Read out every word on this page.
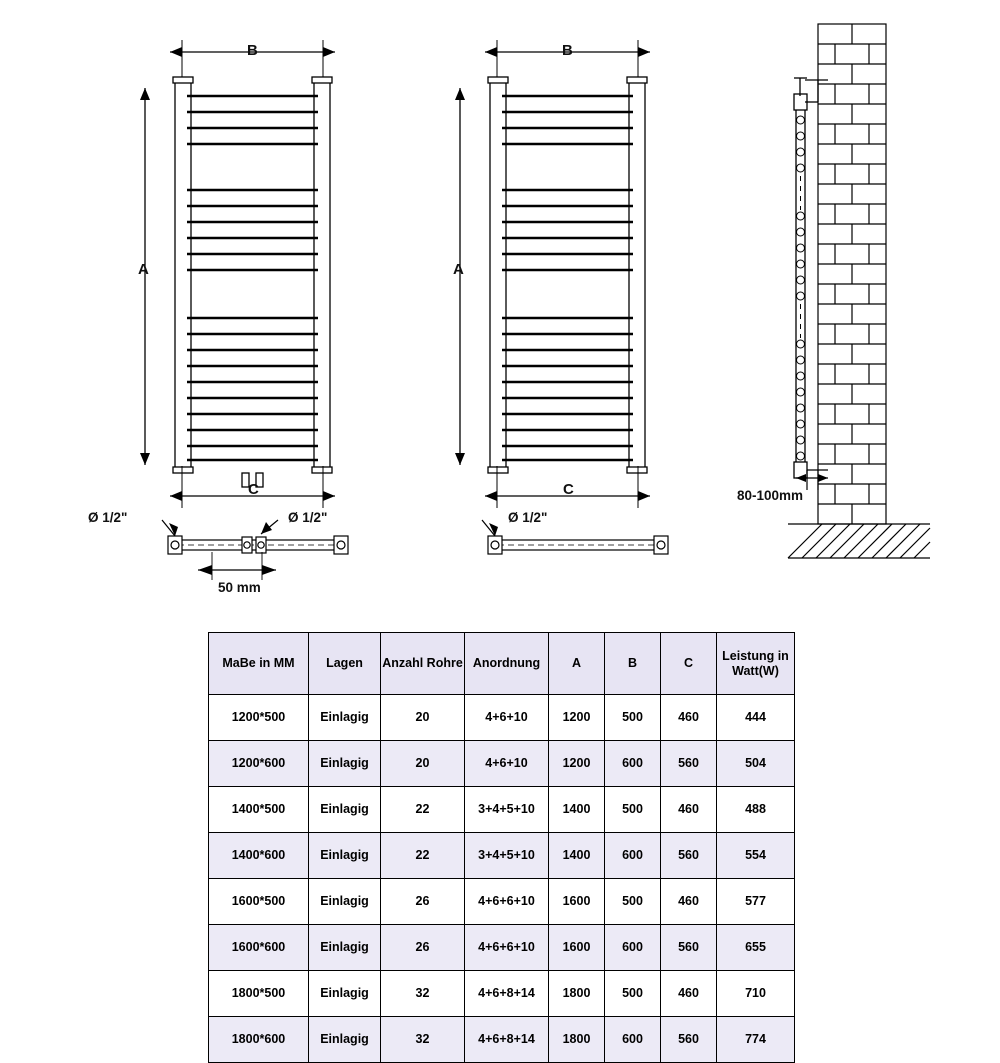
B
A
C
B
A
C	80-100mm
Ø 1/2"	Ø 1/2"
50 mm
Ø 1/2"
MaBe in MM	Lagen	Anzahl Rohre	Anordnung	A	B	C	Leistung in Watt(W)
1200*500	Einlagig	20	4+6+10	1200	500	460	444
1200*600	Einlagig	20	4+6+10	1200	600	560	504
1400*500	Einlagig	22	3+4+5+10	1400	500	460	488
1400*600	Einlagig	22	3+4+5+10	1400	600	560	554
1600*500	Einlagig	26	4+6+6+10	1600	500	460	577
1600*600	Einlagig	26	4+6+6+10	1600	600	560	655
1800*500	Einlagig	32	4+6+8+14	1800	500	460	710
1800*600	Einlagig	32	4+6+8+14	1800	600	560	774
